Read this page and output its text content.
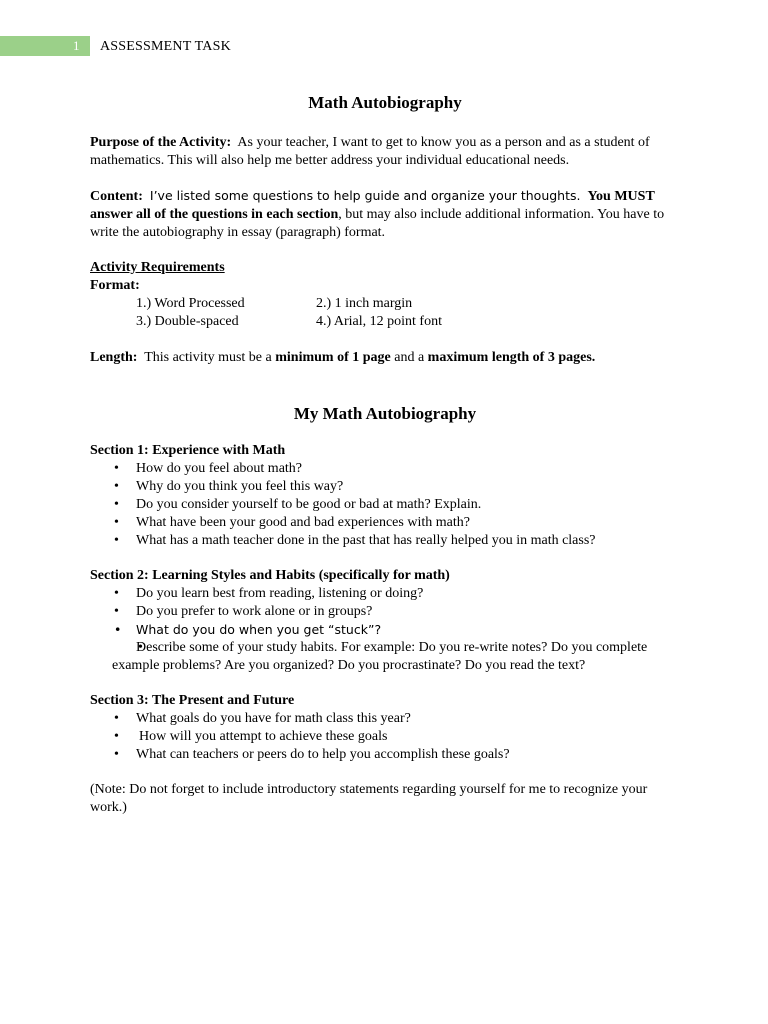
1 ASSESSMENT TASK
Math Autobiography

Purpose of the Activity: As your teacher, I want to get to know you as a person and as a student of mathematics. This will also help me better address your individual educational needs.

Content: I’ve listed some questions to help guide and organize your thoughts. You MUST answer all of the questions in each section, but may also include additional information. You have to write the autobiography in essay (paragraph) format.

Activity Requirements
Format:
1.) Word Processed	2.) 1 inch margin
3.) Double-spaced	4.) Arial, 12 point font

Length: This activity must be a minimum of 1 page and a maximum length of 3 pages.

My Math Autobiography
Section 1: Experience with Math
• How do you feel about math?
• Why do you think you feel this way?
• Do you consider yourself to be good or bad at math? Explain.
• What have been your good and bad experiences with math?
• What has a math teacher done in the past that has really helped you in math class?
Section 2: Learning Styles and Habits (specifically for math)
• Do you learn best from reading, listening or doing?
• Do you prefer to work alone or in groups?
• What do you do when you get “stuck”?
• Describe some of your study habits. For example: Do you re-write notes? Do you complete example problems? Are you organized? Do you procrastinate? Do you read the text?
Section 3: The Present and Future
• What goals do you have for math class this year?
• How will you attempt to achieve these goals
• What can teachers or peers do to help you accomplish these goals?

(Note: Do not forget to include introductory statements regarding yourself for me to recognize your work.)
